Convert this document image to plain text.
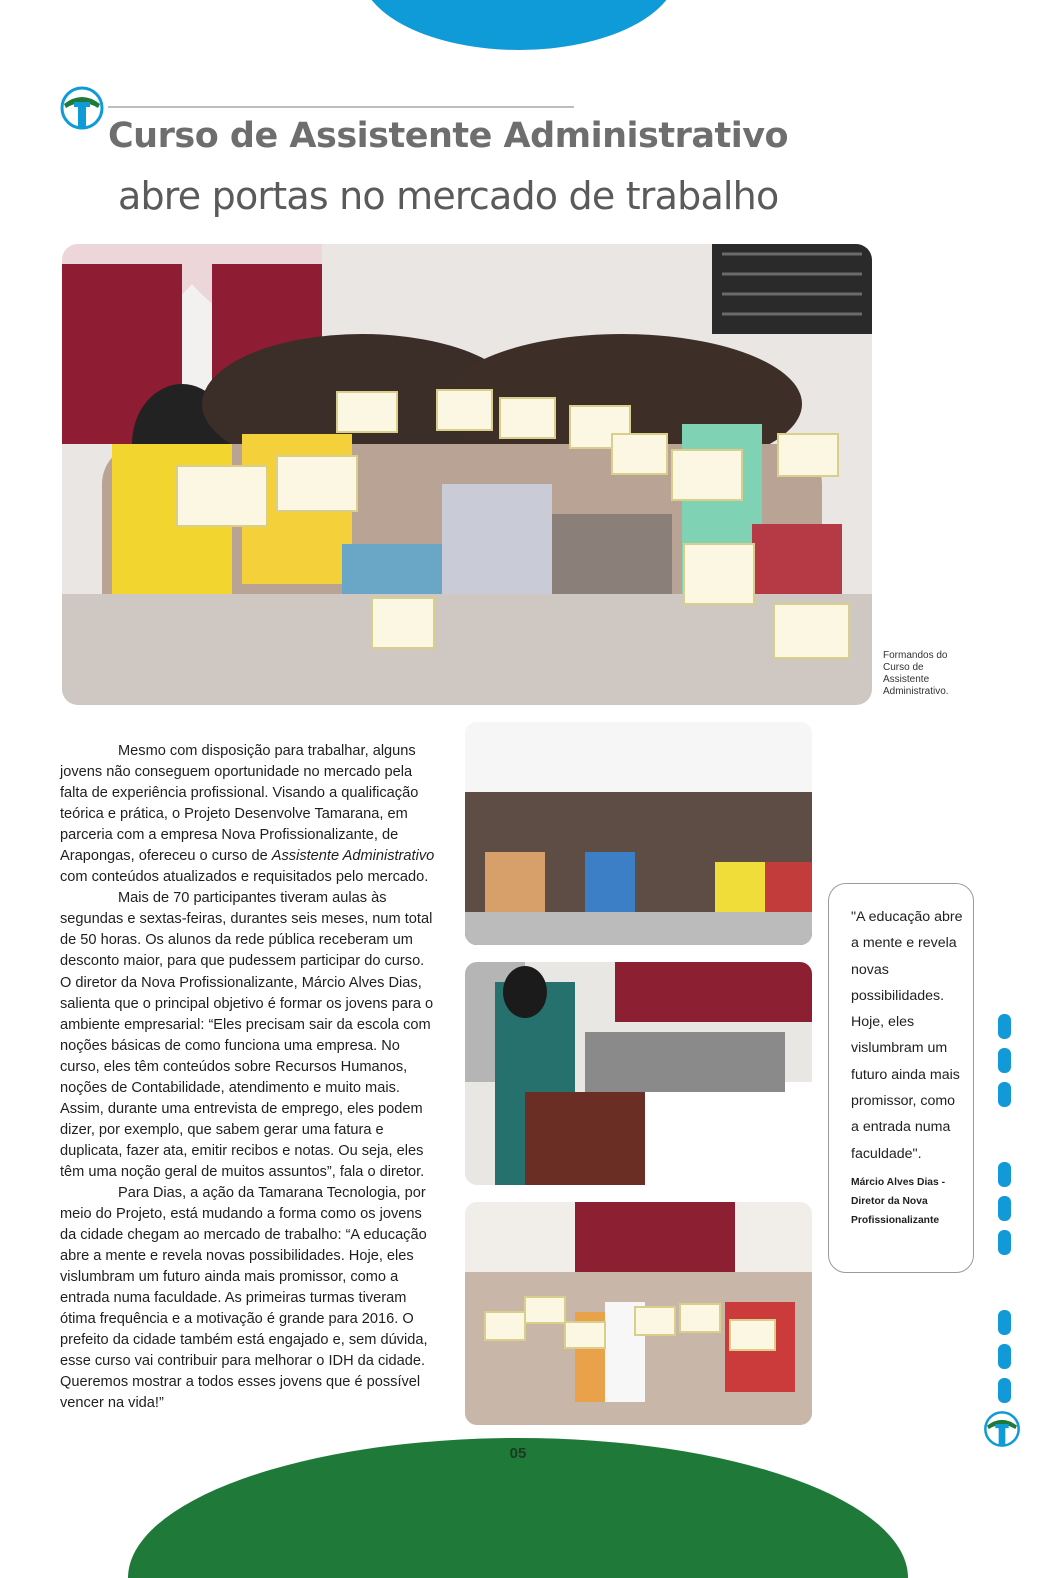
05
Curso de Assistente Administrativo
abre portas no mercado de trabalho
Formandos do Curso de Assistente Administrativo.

Mesmo com disposição para trabalhar, alguns jovens não conseguem oportunidade no mercado pela falta de experiência profissional. Visando a qualificação teórica e prática, o Projeto Desenvolve Tamarana, em parceria com a empresa Nova Profissionalizante, de Arapongas, ofereceu o curso de Assistente Administrativo com conteúdos atualizados e requisitados pelo mercado.

Mais de 70 participantes tiveram aulas às segundas e sextas-feiras, durantes seis meses, num total de 50 horas. Os alunos da rede pública receberam um desconto maior, para que pudessem participar do curso. O diretor da Nova Profissionalizante, Márcio Alves Dias, salienta que o principal objetivo é formar os jovens para o ambiente empresarial: “Eles precisam sair da escola com noções básicas de como funciona uma empresa. No curso, eles têm conteúdos sobre Recursos Humanos, noções de Contabilidade, atendimento e muito mais. Assim, durante uma entrevista de emprego, eles podem dizer, por exemplo, que sabem gerar uma fatura e duplicata, fazer ata, emitir recibos e notas. Ou seja, eles têm uma noção geral de muitos assuntos”, fala o diretor.

Para Dias, a ação da Tamarana Tecnologia, por meio do Projeto, está mudando a forma como os jovens da cidade chegam ao mercado de trabalho: “A educação abre a mente e revela novas possibilidades. Hoje, eles vislumbram um futuro ainda mais promissor, como a entrada numa faculdade. As primeiras turmas tiveram ótima frequência e a motivação é grande para 2016. O prefeito da cidade também está engajado e, sem dúvida, esse curso vai contribuir para melhorar o IDH da cidade. Queremos mostrar a todos esses jovens que é possível vencer na vida!”

"A educação abre a mente e revela novas possibilidades. Hoje, eles vislumbram um futuro ainda mais promissor, como a entrada numa faculdade".
Márcio Alves Dias - Diretor da Nova Profissionalizante
